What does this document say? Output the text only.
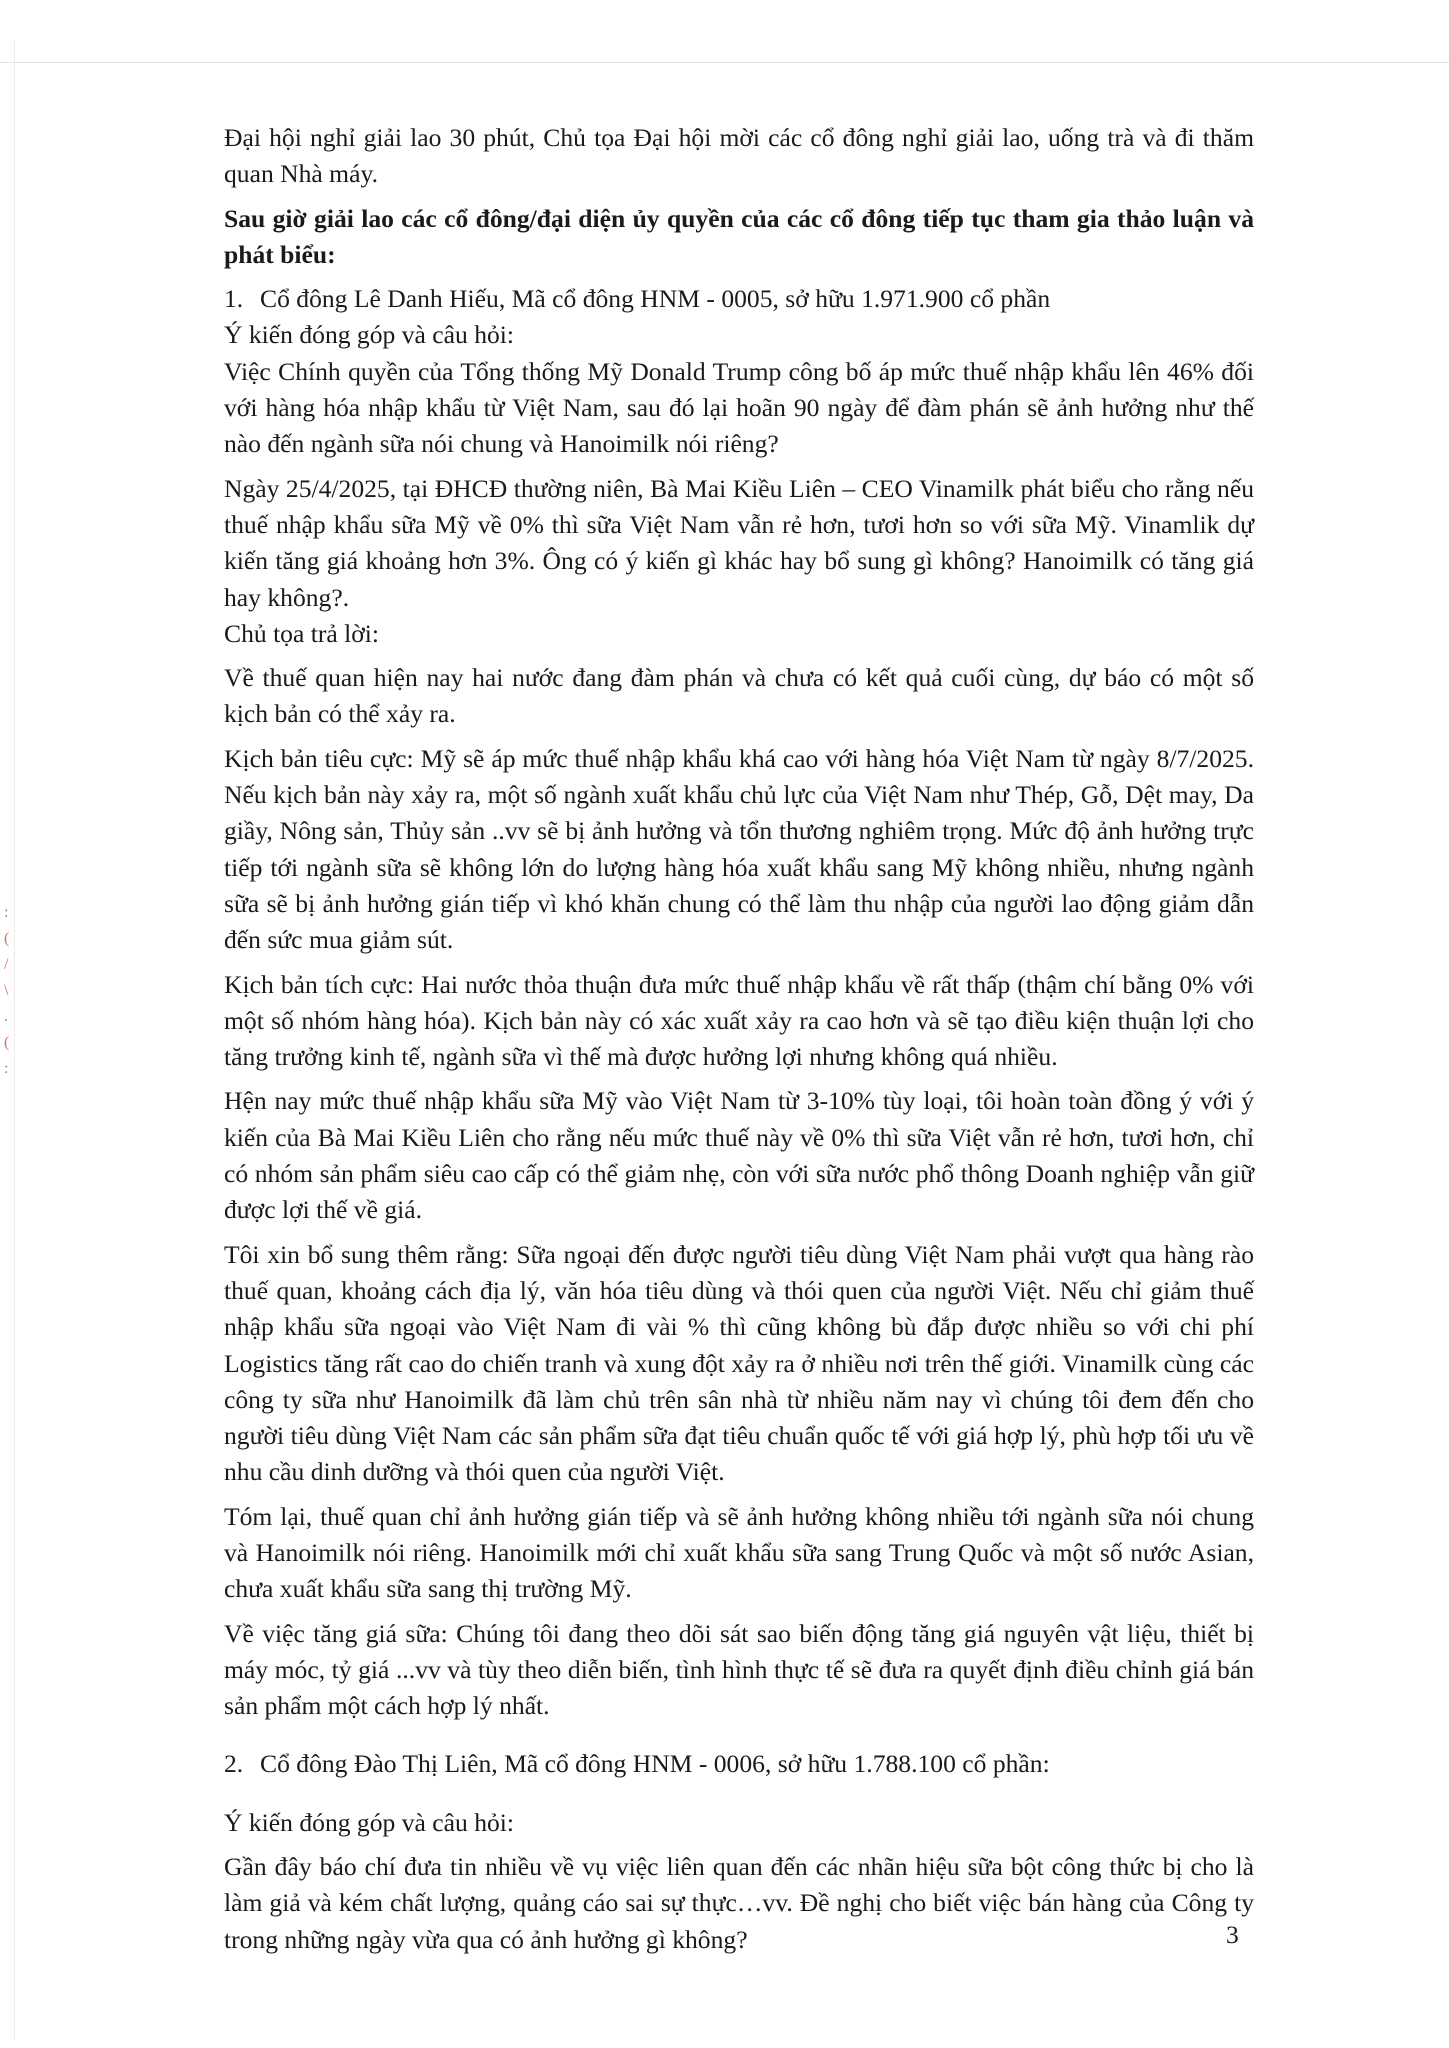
:
(
/
\
.
(
:

Đại hội nghỉ giải lao 30 phút, Chủ tọa Đại hội mời các cổ đông nghỉ giải lao, uống trà và đi thăm quan Nhà máy.

Sau giờ giải lao các cổ đông/đại diện ủy quyền của các cổ đông tiếp tục tham gia thảo luận và phát biểu:

1. Cổ đông Lê Danh Hiếu, Mã cổ đông HNM - 0005, sở hữu 1.971.900 cổ phần

Ý kiến đóng góp và câu hỏi:

Việc Chính quyền của Tổng thống Mỹ Donald Trump công bố áp mức thuế nhập khẩu lên 46% đối với hàng hóa nhập khẩu từ Việt Nam, sau đó lại hoãn 90 ngày để đàm phán sẽ ảnh hưởng như thế nào đến ngành sữa nói chung và Hanoimilk nói riêng?

Ngày 25/4/2025, tại ĐHCĐ thường niên, Bà Mai Kiều Liên – CEO Vinamilk phát biểu cho rằng nếu thuế nhập khẩu sữa Mỹ về 0% thì sữa Việt Nam vẫn rẻ hơn, tươi hơn so với sữa Mỹ. Vinamlik dự kiến tăng giá khoảng hơn 3%. Ông có ý kiến gì khác hay bổ sung gì không? Hanoimilk có tăng giá hay không?.

Chủ tọa trả lời:

Về thuế quan hiện nay hai nước đang đàm phán và chưa có kết quả cuối cùng, dự báo có một số kịch bản có thể xảy ra.

Kịch bản tiêu cực: Mỹ sẽ áp mức thuế nhập khẩu khá cao với hàng hóa Việt Nam từ ngày 8/7/2025. Nếu kịch bản này xảy ra, một số ngành xuất khẩu chủ lực của Việt Nam như Thép, Gỗ, Dệt may, Da giầy, Nông sản, Thủy sản ..vv sẽ bị ảnh hưởng và tổn thương nghiêm trọng. Mức độ ảnh hưởng trực tiếp tới ngành sữa sẽ không lớn do lượng hàng hóa xuất khẩu sang Mỹ không nhiều, nhưng ngành sữa sẽ bị ảnh hưởng gián tiếp vì khó khăn chung có thể làm thu nhập của người lao động giảm dẫn đến sức mua giảm sút.

Kịch bản tích cực: Hai nước thỏa thuận đưa mức thuế nhập khẩu về rất thấp (thậm chí bằng 0% với một số nhóm hàng hóa). Kịch bản này có xác xuất xảy ra cao hơn và sẽ tạo điều kiện thuận lợi cho tăng trưởng kinh tế, ngành sữa vì thế mà được hưởng lợi nhưng không quá nhiều.

Hện nay mức thuế nhập khẩu sữa Mỹ vào Việt Nam từ 3-10% tùy loại, tôi hoàn toàn đồng ý với ý kiến của Bà Mai Kiều Liên cho rằng nếu mức thuế này về 0% thì sữa Việt vẫn rẻ hơn, tươi hơn, chỉ có nhóm sản phẩm siêu cao cấp có thể giảm nhẹ, còn với sữa nước phổ thông Doanh nghiệp vẫn giữ được lợi thế về giá.

Tôi xin bổ sung thêm rằng: Sữa ngoại đến được người tiêu dùng Việt Nam phải vượt qua hàng rào thuế quan, khoảng cách địa lý, văn hóa tiêu dùng và thói quen của người Việt. Nếu chỉ giảm thuế nhập khẩu sữa ngoại vào Việt Nam đi vài % thì cũng không bù đắp được nhiều so với chi phí Logistics tăng rất cao do chiến tranh và xung đột xảy ra ở nhiều nơi trên thế giới. Vinamilk cùng các công ty sữa như Hanoimilk đã làm chủ trên sân nhà từ nhiều năm nay vì chúng tôi đem đến cho người tiêu dùng Việt Nam các sản phẩm sữa đạt tiêu chuẩn quốc tế với giá hợp lý, phù hợp tối ưu về nhu cầu dinh dưỡng và thói quen của người Việt.

Tóm lại, thuế quan chỉ ảnh hưởng gián tiếp và sẽ ảnh hưởng không nhiều tới ngành sữa nói chung và Hanoimilk nói riêng. Hanoimilk mới chỉ xuất khẩu sữa sang Trung Quốc và một số nước Asian, chưa xuất khẩu sữa sang thị trường Mỹ.

Về việc tăng giá sữa: Chúng tôi đang theo dõi sát sao biến động tăng giá nguyên vật liệu, thiết bị máy móc, tỷ giá ...vv và tùy theo diễn biến, tình hình thực tế sẽ đưa ra quyết định điều chỉnh giá bán sản phẩm một cách hợp lý nhất.

2. Cổ đông Đào Thị Liên, Mã cổ đông HNM - 0006, sở hữu 1.788.100 cổ phần:

Ý kiến đóng góp và câu hỏi:

Gần đây báo chí đưa tin nhiều về vụ việc liên quan đến các nhãn hiệu sữa bột công thức bị cho là làm giả và kém chất lượng, quảng cáo sai sự thực…vv. Đề nghị cho biết việc bán hàng của Công ty trong những ngày vừa qua có ảnh hưởng gì không?	3
